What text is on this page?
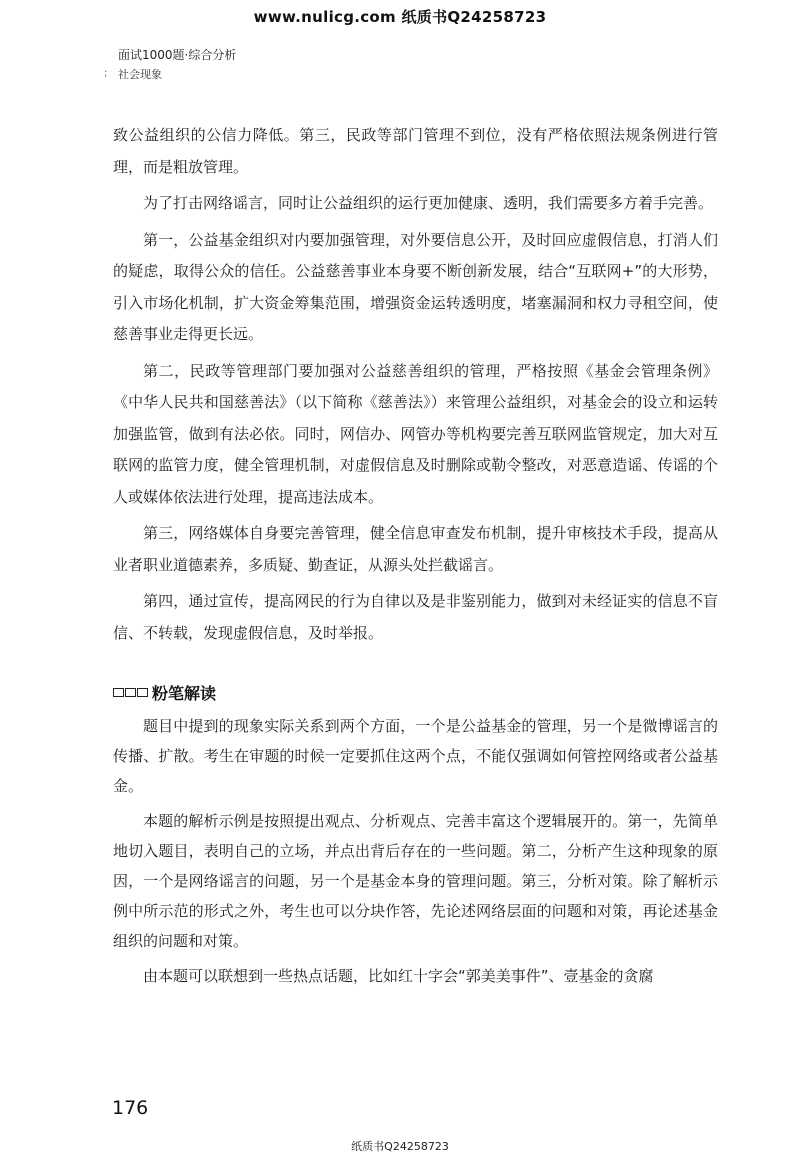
www.nulicg.com 纸质书Q24258723
面试1000题·综合分析
; 社会现象

致公益组织的公信力降低。第三，民政等部门管理不到位，没有严格依照法规条例进行管理，而是粗放管理。

为了打击网络谣言，同时让公益组织的运行更加健康、透明，我们需要多方着手完善。

第一，公益基金组织对内要加强管理，对外要信息公开，及时回应虚假信息，打消人们的疑虑，取得公众的信任。公益慈善事业本身要不断创新发展，结合“互联网+”的大形势，引入市场化机制，扩大资金筹集范围，增强资金运转透明度，堵塞漏洞和权力寻租空间，使慈善事业走得更长远。

第二，民政等管理部门要加强对公益慈善组织的管理，严格按照《基金会管理条例》《中华人民共和国慈善法》（以下简称《慈善法》）来管理公益组织，对基金会的设立和运转加强监管，做到有法必依。同时，网信办、网管办等机构要完善互联网监管规定，加大对互联网的监管力度，健全管理机制，对虚假信息及时删除或勒令整改，对恶意造谣、传谣的个人或媒体依法进行处理，提高违法成本。

第三，网络媒体自身要完善管理，健全信息审查发布机制，提升审核技术手段，提高从业者职业道德素养，多质疑、勤查证，从源头处拦截谣言。

第四，通过宣传，提高网民的行为自律以及是非鉴别能力，做到对未经证实的信息不盲信、不转载，发现虚假信息，及时举报。

粉笔解读

题目中提到的现象实际关系到两个方面，一个是公益基金的管理，另一个是微博谣言的传播、扩散。考生在审题的时候一定要抓住这两个点，不能仅强调如何管控网络或者公益基金。

本题的解析示例是按照提出观点、分析观点、完善丰富这个逻辑展开的。第一，先简单地切入题目，表明自己的立场，并点出背后存在的一些问题。第二，分析产生这种现象的原因，一个是网络谣言的问题，另一个是基金本身的管理问题。第三，分析对策。除了解析示例中所示范的形式之外，考生也可以分块作答，先论述网络层面的问题和对策，再论述基金组织的问题和对策。

由本题可以联想到一些热点话题，比如红十字会“郭美美事件”、壹基金的贪腐

176
纸质书Q24258723
